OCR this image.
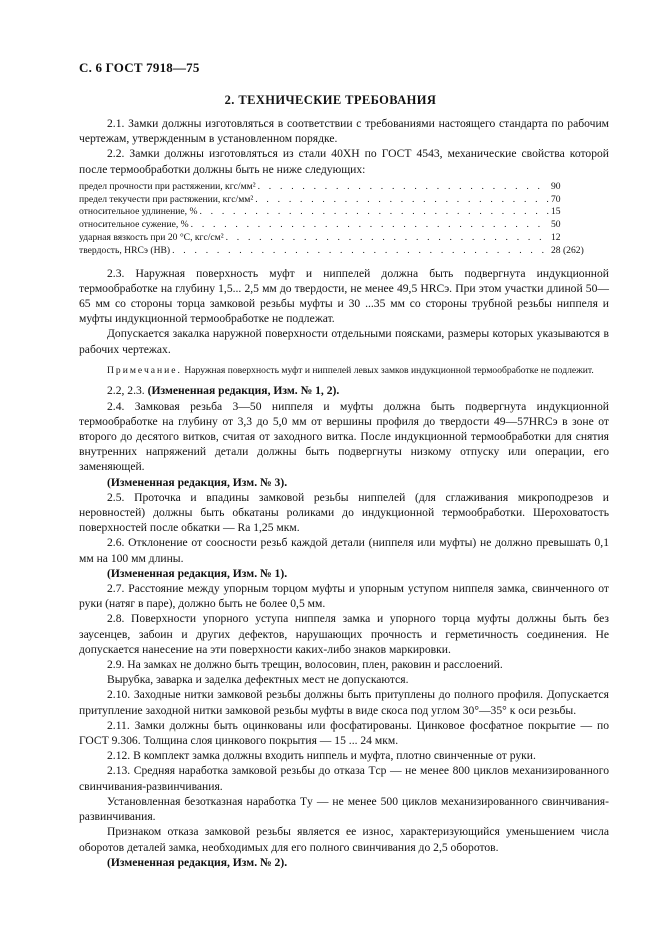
С. 6 ГОСТ 7918—75
2. ТЕХНИЧЕСКИЕ ТРЕБОВАНИЯ

2.1. Замки должны изготовляться в соответствии с требованиями настоящего стандарта по рабочим чертежам, утвержденным в установленном порядке.

2.2. Замки должны изготовляться из стали 40ХН по ГОСТ 4543, механические свойства которой после термообработки должны быть не ниже следующих:

предел прочности при растяжении, кгс/мм² . . .	90
предел текучести при растяжении, кгс/мм² . . .	70
относительное удлинение, % . . .	15
относительное сужение, % . . .	50
ударная вязкость при 20 °С, кгс/см² . . .	12
твердость, HRCэ (НВ) . . .	28 (262)

2.3. Наружная поверхность муфт и ниппелей должна быть подвергнута индукционной термообработке на глубину 1,5... 2,5 мм до твердости, не менее 49,5 HRCэ. При этом участки длиной 50—65 мм со стороны торца замковой резьбы муфты и 30 ...35 мм со стороны трубной резьбы ниппеля и муфты индукционной термообработке не подлежат.

Допускается закалка наружной поверхности отдельными поясками, размеры которых указываются в рабочих чертежах.

Примечание. Наружная поверхность муфт и ниппелей левых замков индукционной термообработке не подлежит.

2.2, 2.3. (Измененная редакция, Изм. № 1, 2).

2.4. Замковая резьба 3—50 ниппеля и муфты должна быть подвергнута индукционной термообработке на глубину от 3,3 до 5,0 мм от вершины профиля до твердости 49—57HRCэ в зоне от второго до десятого витков, считая от заходного витка. После индукционной термообработки для снятия внутренних напряжений детали должны быть подвергнуты низкому отпуску или операции, его заменяющей.

(Измененная редакция, Изм. № 3).

2.5. Проточка и впадины замковой резьбы ниппелей (для сглаживания микроподрезов и неровностей) должны быть обкатаны роликами до индукционной термообработки. Шероховатость поверхностей после обкатки — Ra 1,25 мкм.

2.6. Отклонение от соосности резьб каждой детали (ниппеля или муфты) не должно превышать 0,1 мм на 100 мм длины.

(Измененная редакция, Изм. № 1).

2.7. Расстояние между упорным торцом муфты и упорным уступом ниппеля замка, свинченного от руки (натяг в паре), должно быть не более 0,5 мм.

2.8. Поверхности упорного уступа ниппеля замка и упорного торца муфты должны быть без заусенцев, забоин и других дефектов, нарушающих прочность и герметичность соединения. Не допускается нанесение на эти поверхности каких-либо знаков маркировки.

2.9. На замках не должно быть трещин, волосовин, плен, раковин и расслоений.

Вырубка, заварка и заделка дефектных мест не допускаются.

2.10. Заходные нитки замковой резьбы должны быть притуплены до полного профиля. Допускается притупление заходной нитки замковой резьбы муфты в виде скоса под углом 30°—35° к оси резьбы.

2.11. Замки должны быть оцинкованы или фосфатированы. Цинковое фосфатное покрытие — по ГОСТ 9.306. Толщина слоя цинкового покрытия — 15 ... 24 мкм.

2.12. В комплект замка должны входить ниппель и муфта, плотно свинченные от руки.

2.13. Средняя наработка замковой резьбы до отказа Tср — не менее 800 циклов механизированного свинчивания-развинчивания.

Установленная безотказная наработка Tу — не менее 500 циклов механизированного свинчивания-развинчивания.

Признаком отказа замковой резьбы является ее износ, характеризующийся уменьшением числа оборотов деталей замка, необходимых для его полного свинчивания до 2,5 оборотов.

(Измененная редакция, Изм. № 2).
